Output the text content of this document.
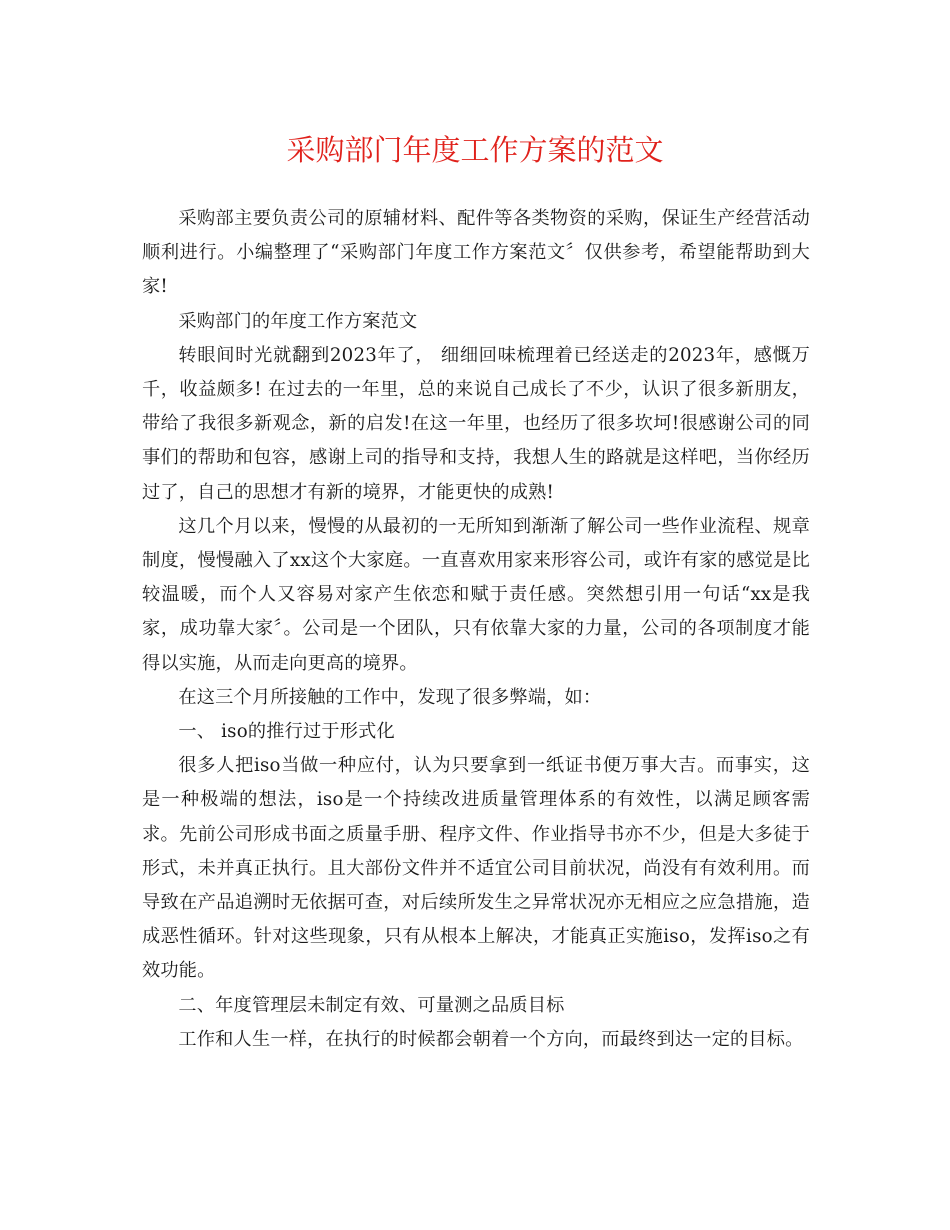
采购部门年度工作方案的范文

采购部主要负责公司的原辅材料、配件等各类物资的采购，保证生产经营活动顺利进行。小编整理了“采购部门年度工作方案范文〞仅供参考，希望能帮助到大家!

采购部门的年度工作方案范文

转眼间时光就翻到2023年了， 细细回味梳理着已经送走的2023年，感慨万千，收益颇多! 在过去的一年里，总的来说自己成长了不少，认识了很多新朋友，带给了我很多新观念，新的启发!在这一年里，也经历了很多坎坷!很感谢公司的同事们的帮助和包容，感谢上司的指导和支持，我想人生的路就是这样吧，当你经历过了，自己的思想才有新的境界，才能更快的成熟!

这几个月以来，慢慢的从最初的一无所知到渐渐了解公司一些作业流程、规章制度，慢慢融入了xx这个大家庭。一直喜欢用家来形容公司，或许有家的感觉是比较温暖，而个人又容易对家产生依恋和赋于责任感。突然想引用一句话“xx是我家，成功靠大家〞。公司是一个团队，只有依靠大家的力量，公司的各项制度才能得以实施，从而走向更高的境界。

在这三个月所接触的工作中，发现了很多弊端，如：

一、 iso的推行过于形式化

很多人把iso当做一种应付，认为只要拿到一纸证书便万事大吉。而事实，这是一种极端的想法，iso是一个持续改进质量管理体系的有效性，以满足顾客需求。先前公司形成书面之质量手册、程序文件、作业指导书亦不少，但是大多徒于形式，未并真正执行。且大部份文件并不适宜公司目前状况，尚没有有效利用。而导致在产品追溯时无依据可查，对后续所发生之异常状况亦无相应之应急措施，造成恶性循环。针对这些现象，只有从根本上解决，才能真正实施iso，发挥iso之有效功能。

二、年度管理层未制定有效、可量测之品质目标

工作和人生一样，在执行的时候都会朝着一个方向，而最终到达一定的目标。
